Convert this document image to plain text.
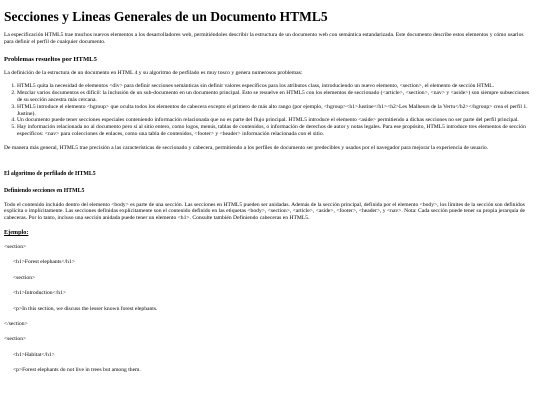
Secciones y Lineas Generales de un Documento HTML5

La especificación HTML5 trae muchos nuevos elementos a los desarrolladores web, permitiéndoles describir la estructura de un documento web con semántica estandarizada. Este documento describe estos elementos y cómo usarlos para definir el perfil de cualquier documento.

Problemas resueltos por HTML5

La definición de la estructura de un documento en HTML 4 y su algoritmo de perfilado es muy tosco y genera numerosos problemas:

1. HTML5 quita la necesidad de elementos <div> para definir secciones semánticas sin definir valores específicos para los atributos class, introduciendo un nuevo elemento, <section>, el elemento de sección HTML.
2. Mezclar varios documentos es difícil: la inclusión de un sub-documento en un documento principal. Esto se resuelve en HTML5 con los elementos de seccionado (<article>, <section>, <nav> y <aside>) son siempre subsecciones de su sección ancestra más cercana.
3. HTML5 introduce el elemento <hgroup> que oculta todos los elementos de cabecera excepto el primero de más alto rango (por ejemplo, <hgroup><h1>Justine</h1><h2>Les Malheurs de la Vertu</h2></hgroup> crea el perfil 1. Justine).
4. Un documento puede tener secciones especiales conteniendo información relacionada que no es parte del flujo principal. HTML5 introduce el elemento <aside> permitiendo a dichas secciones no ser parte del perfil principal.
5. Hay información relacionada no al documento pero sí al sitio entero, como logos, menús, tablas de contenidos, o información de derechos de autor y notas legales. Para ese propósito, HTML5 introduce tres elementos de sección específicos: <nav> para colecciones de enlaces, como una tabla de contenidos, <footer> y <header> información relacionada con el sitio.

De manera más general, HTML5 trae precisión a las características de seccionado y cabecera, permitiendo a los perfiles de documento ser predecibles y usados por el navegador para mejorar la experiencia de usuario.

El algoritmo de perfilado de HTML5
Definiendo secciones en HTML5

Todo el contenido incluido dentro del elemento <body> es parte de una sección. Las secciones en HTML5 pueden ser anidadas. Además de la sección principal, definida por el elemento <body>, los límites de la sección son definidos explícita o implícitamente. Las secciones definidas explícitamente son el contenido definido en las etiquetas <body>, <section>, <article>, <aside>, <footer>, <header>, y <nav>. Nota: Cada sección puede tener su propia jerarquía de cabeceras. Por lo tanto, incluso una sección anidada puede tener un elemento <h1>. Consulte también Definiendo cabeceras en HTML5.

Ejemplo:
<section>
<h1>Forest elephants</h1>
<section>
<h1>Introduction</h1>
<p>In this section, we discuss the lesser known forest elephants.
</section>
<section>
<h1>Habitat</h1>
<p>Forest elephants do not live in trees but among them.
